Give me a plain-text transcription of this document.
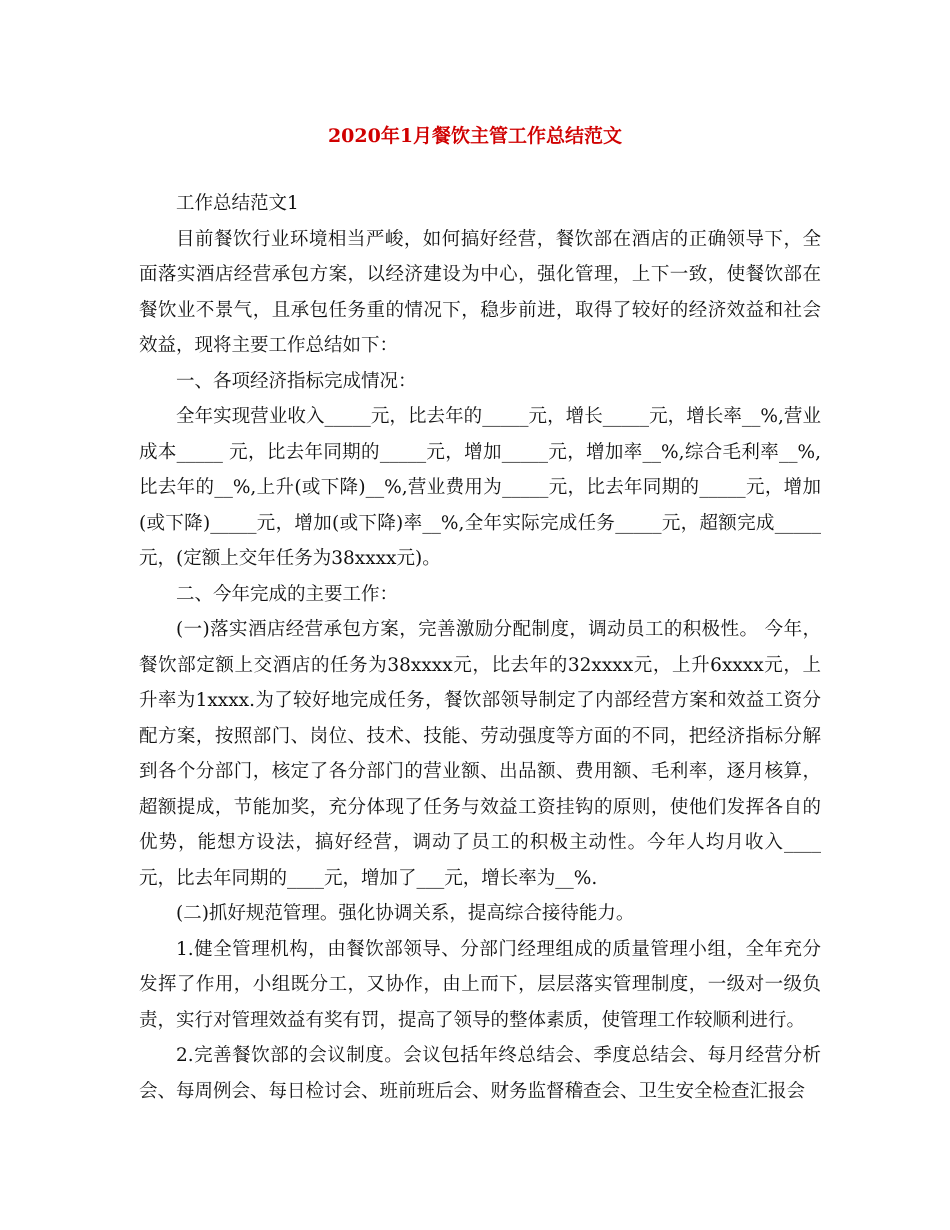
2020年1月餐饮主管工作总结范文

工作总结范文1

目前餐饮行业环境相当严峻，如何搞好经营，餐饮部在酒店的正确领导下，全面落实酒店经营承包方案，以经济建设为中心，强化管理，上下一致，使餐饮部在餐饮业不景气，且承包任务重的情况下，稳步前进，取得了较好的经济效益和社会效益，现将主要工作总结如下：

一、各项经济指标完成情况：

全年实现营业收入_____元，比去年的_____元，增长_____元，增长率__%,营业成本_____ 元，比去年同期的_____元，增加_____元，增加率__%,综合毛利率__%,比去年的__%,上升(或下降)__%,营业费用为_____元，比去年同期的_____元，增加(或下降)_____元，增加(或下降)率__%,全年实际完成任务_____元，超额完成_____元，(定额上交年任务为38xxxx元)。

二、今年完成的主要工作：

(一)落实酒店经营承包方案，完善激励分配制度，调动员工的积极性。 今年，餐饮部定额上交酒店的任务为38xxxx元，比去年的32xxxx元，上升6xxxx元，上升率为1xxxx.为了较好地完成任务，餐饮部领导制定了内部经营方案和效益工资分配方案，按照部门、岗位、技术、技能、劳动强度等方面的不同，把经济指标分解到各个分部门，核定了各分部门的营业额、出品额、费用额、毛利率，逐月核算，超额提成，节能加奖，充分体现了任务与效益工资挂钩的原则，使他们发挥各自的优势，能想方设法，搞好经营，调动了员工的积极主动性。今年人均月收入____元，比去年同期的____元，增加了___元，增长率为__%.

(二)抓好规范管理。强化协调关系，提高综合接待能力。

1.健全管理机构，由餐饮部领导、分部门经理组成的质量管理小组，全年充分发挥了作用，小组既分工，又协作，由上而下，层层落实管理制度，一级对一级负责，实行对管理效益有奖有罚，提高了领导的整体素质，使管理工作较顺利进行。

2.完善餐饮部的会议制度。会议包括年终总结会、季度总结会、每月经营分析会、每周例会、每日检讨会、班前班后会、财务监督稽查会、卫生安全检查汇报会
